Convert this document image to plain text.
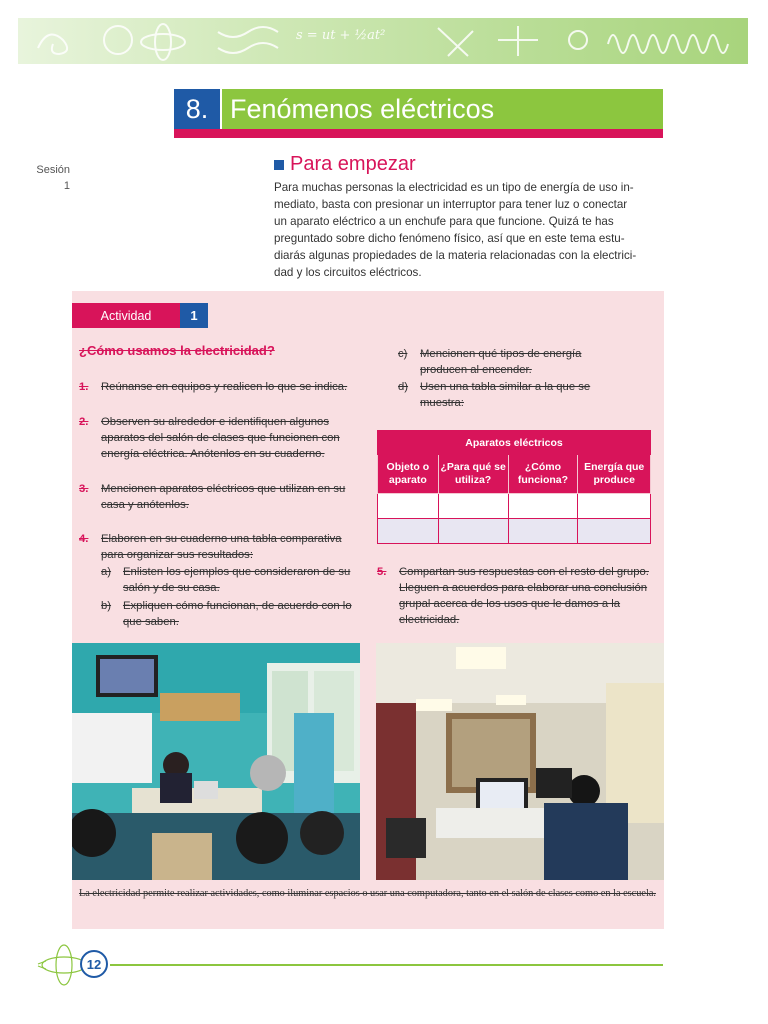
s = ut + ½at²
8. Fenómenos eléctricos
Sesión
1
Para empezar
Para muchas personas la electricidad es un tipo de energía de uso in-
mediato, basta con presionar un interruptor para tener luz o conectar
un aparato eléctrico a un enchufe para que funcione. Quizá te has
preguntado sobre dicho fenómeno físico, así que en este tema estu-
diarás algunas propiedades de la materia relacionadas con la electrici-
dad y los circuitos eléctricos.
Actividad	1
¿Cómo usamos la electricidad?
1.	Reúnanse en equipos y realicen lo que se indica.
2.	Observen su alrededor e identifiquen algunos aparatos del salón de clases que funcionen con energía eléctrica. Anótenlos en su cuaderno.
3.	Mencionen aparatos eléctricos que utilizan en su casa y anótenlos.
4.	Elaboren en su cuaderno una tabla comparativa para organizar sus resultados:
a)	Enlisten los ejemplos que consideraron de su salón y de su casa.
b)	Expliquen cómo funcionan, de acuerdo con lo que saben.
c)	Mencionen qué tipos de energía producen al encender.
d)	Usen una tabla similar a la que se muestra:
Aparatos eléctricos			
Objeto o aparato	¿Para qué se utiliza?	¿Cómo funciona?	Energía que produce

5.	Compartan sus respuestas con el resto del grupo. Lleguen a acuerdos para elaborar una conclusión grupal acerca de los usos que le damos a la electricidad.
La electricidad permite realizar actividades, como iluminar espacios o usar una computadora, tanto en el salón de clases como en la escuela.
12
